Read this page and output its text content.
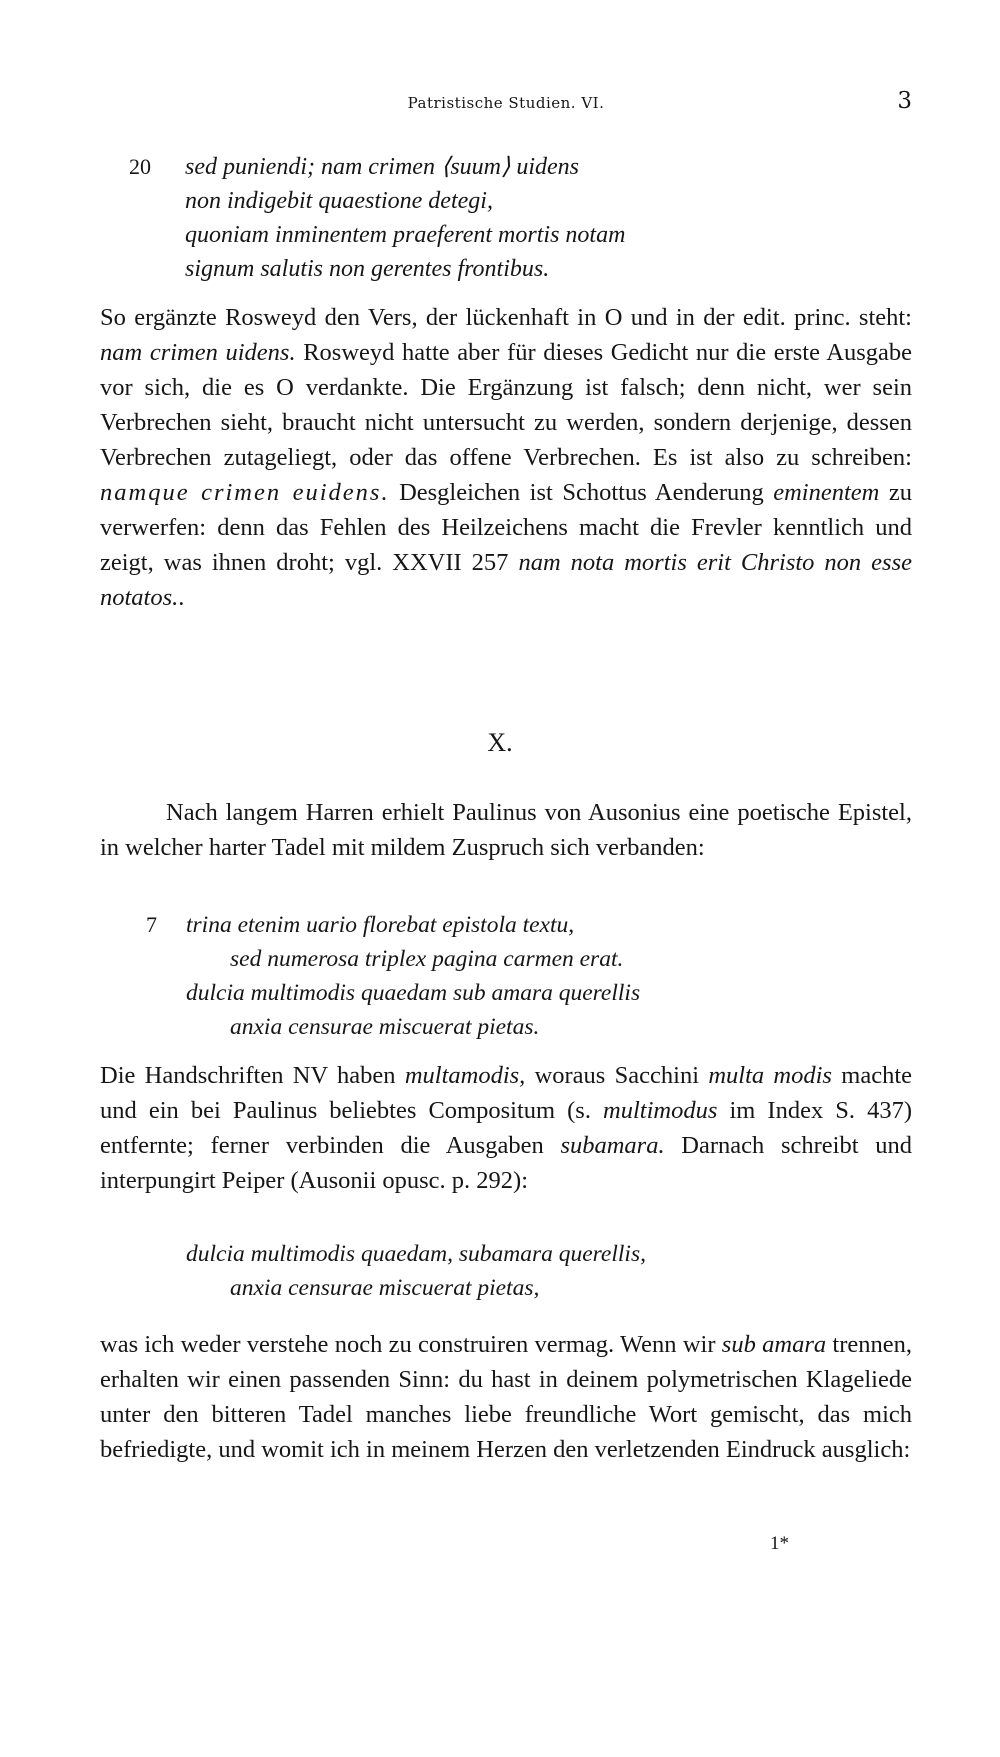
Patristische Studien. VI.	3
20 sed puniendi; nam crimen ⟨suum⟩ uidens
non indigebit quaestione detegi,
quoniam inminentem praeferent mortis notam
signum salutis non gerentes frontibus.

So ergänzte Rosweyd den Vers, der lückenhaft in O und in der edit. princ. steht: nam crimen uidens. Rosweyd hatte aber für dieses Gedicht nur die erste Ausgabe vor sich, die es O verdankte. Die Ergänzung ist falsch; denn nicht, wer sein Verbrechen sieht, braucht nicht untersucht zu werden, sondern derjenige, dessen Verbrechen zutageliegt, oder das offene Verbrechen. Es ist also zu schreiben: namque crimen euidens. Desgleichen ist Schottus Aenderung eminentem zu verwerfen: denn das Fehlen des Heilzeichens macht die Frevler kenntlich und zeigt, was ihnen droht; vgl. XXVII 257 nam nota mortis erit Christo non esse notatos..

X.

Nach langem Harren erhielt Paulinus von Ausonius eine poetische Epistel, in welcher harter Tadel mit mildem Zuspruch sich verbanden:

7 trina etenim uario florebat epistola textu,
sed numerosa triplex pagina carmen erat.
dulcia multimodis quaedam sub amara querellis
anxia censurae miscuerat pietas.

Die Handschriften NV haben multamodis, woraus Sacchini multa modis machte und ein bei Paulinus beliebtes Compositum (s. multimodus im Index S. 437) entfernte; ferner verbinden die Ausgaben subamara. Darnach schreibt und interpungirt Peiper (Ausonii opusc. p. 292):

dulcia multimodis quaedam, subamara querellis,
anxia censurae miscuerat pietas,

was ich weder verstehe noch zu construiren vermag. Wenn wir sub amara trennen, erhalten wir einen passenden Sinn: du hast in deinem polymetrischen Klageliede unter den bitteren Tadel manches liebe freundliche Wort gemischt, das mich befriedigte, und womit ich in meinem Herzen den verletzenden Eindruck ausglich:

1*
